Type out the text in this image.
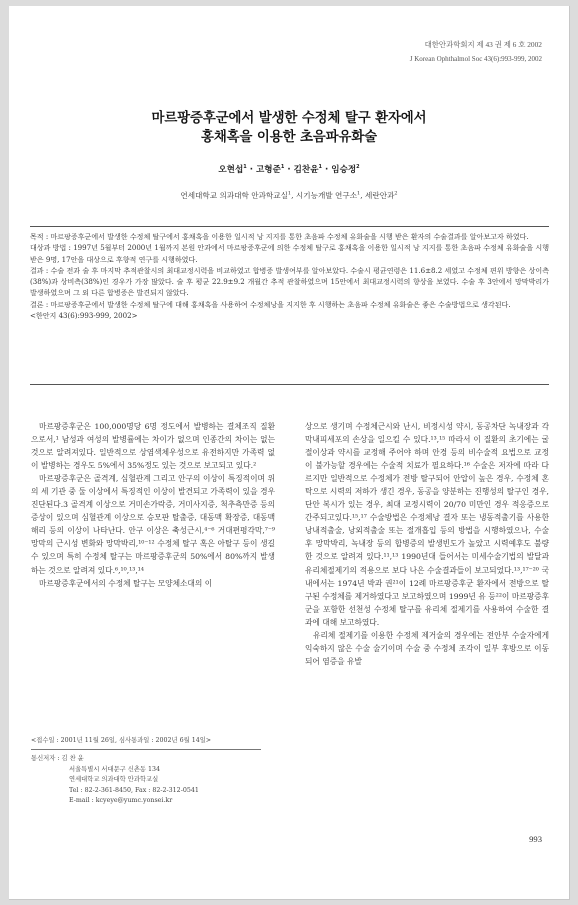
대한안과학회지 제 43 권 제 6 호 2002
J Korean Ophthalmol Soc 43(6):993-999, 2002
마르팡증후군에서 발생한 수정체 탈구 환자에서
홍채혹을 이용한 초음파유화술
오현섭$^1$ · 고형준$^1$ · 김찬윤$^1$ · 임승정$^2$
연세대학교 의과대학 안과학교실$^1$, 시기능개발 연구소$^1$, 세란안과$^2$

목적 : 마르팡증후군에서 발생한 수정체 탈구에서 홍채혹을 이용한 일시적 낭 지지를 통한 초음파 수정체 유화술을 시행 받은 환자의 수술결과를 알아보고자 하였다.

대상과 방법 : 1997년 5월부터 2000년 1월까지 본원 안과에서 마르팡증후군에 의한 수정체 탈구로 홍채혹을 이용한 일시적 낭 지지를 통한 초음파 수정체 유화술을 시행 받은 9명, 17안을 대상으로 후향적 연구를 시행하였다.

결과 : 수술 전과 술 후 마지막 추적관찰시의 최대교정시력을 비교하였고 합병증 발생여부를 알아보았다. 수술시 평균연령은 11.6±8.2 세였고 수정체 편위 방향은 상이측(38%)과 상비측(38%)인 경우가 가장 많았다. 술 후 평균 22.9±9.2 개월간 추적 관찰하였으며 15안에서 최대교정시력의 향상을 보였다. 수술 후 3안에서 망막박리가 발생하였으며 그 외 다른 합병증은 발견되지 않았다.

결론 : 마르팡증후군에서 발생한 수정체 탈구에 대해 홍채혹을 사용하여 수정체낭을 지지한 후 시행하는 초음파 수정체 유화술은 좋은 수술방법으로 생각된다.

<한안지 43(6):993-999, 2002>

마르팡증후군은 100,000명당 6명 정도에서 발병하는 결체조직 질환으로서,¹ 남성과 여성의 발병률에는 차이가 없으며 인종간의 차이는 없는 것으로 알려져있다. 일반적으로 상염색체우성으로 유전하지만 가족력 없이 발병하는 경우도 5%에서 35%정도 있는 것으로 보고되고 있다.²

마르팡증후군은 골격계, 심혈관계 그리고 안구의 이상이 특징적이며 위의 세 기관 중 둘 이상에서 특징적인 이상이 발견되고 가족력이 있을 경우 진단된다.3 골격계 이상으로 거미손가락증, 거미사지증, 척추측만증 등의 증상이 있으며 심혈관계 이상으로 승모판 탈출증, 대동맥 확장증, 대동맥 해리 등의 이상이 나타난다. 안구 이상은 축성근시,⁴⁻⁶ 거대편평각막,⁷⁻⁹ 망막의 근시성 변화와 망막박리,¹⁰⁻¹² 수정체 탈구 혹은 아탈구 등이 생길 수 있으며 특히 수정체 탈구는 마르팡증후군의 50%에서 80%까지 발생하는 것으로 알려져 있다.⁶,¹⁰,¹³,¹⁴

마르팡증후군에서의 수정체 탈구는 모양체소대의 이

상으로 생기며 수정체근시와 난시, 비정시성 약시, 동공차단 녹내장과 각막내피세포의 손상을 일으킬 수 있다.¹³,¹⁵ 따라서 이 질환의 초기에는 굴절이상과 약시를 교정해 주어야 하며 안경 등의 비수술적 요법으로 교정이 불가능할 경우에는 수술적 치료가 필요하다.¹⁶ 수술은 저자에 따라 다르지만 일반적으로 수정체가 전방 탈구되어 안압이 높은 경우, 수정체 혼탁으로 시력의 저하가 생긴 경우, 동공을 양분하는 진행성의 탈구인 경우, 단안 복시가 있는 경우, 최대 교정시력이 20/70 미만인 경우 적응증으로 간주되고있다.¹⁵,¹⁷ 수술방법은 수정체낭 결자 또는 냉동적출기를 사용한 낭내적출술, 낭외적출술 또는 절개흡입 등의 방법을 시행하였으나, 수술 후 망막박리, 녹내장 등의 합병증의 발생빈도가 높았고 시력예후도 불량한 것으로 알려져 있다.¹¹,¹³ 1990년대 들어서는 미세수술기법의 발달과 유리체절제기의 적용으로 보다 나은 수술결과들이 보고되었다.¹³,¹⁷⁻²⁰ 국내에서는 1974년 박과 권²¹이 12례 마르팡증후군 환자에서 전방으로 탈구된 수정체를 제거하였다고 보고하였으며 1999년 유 등²²이 마르팡증후군을 포함한 선천성 수정체 탈구를 유리체 절제기를 사용하여 수술한 결과에 대해 보고하였다.

유리체 절제기를 이용한 수정체 제거술의 경우에는 전안부 수술자에게 익숙하지 않은 수술 술기이며 수술 중 수정체 조각이 일부 후방으로 이동되어 염증을 유발

<접수일 : 2001년 11월 26일, 심사통과일 : 2002년 6월 14일>
통신저자 : 김 찬 윤
서울특별시 서대문구 신촌동 134
연세대학교 의과대학 안과학교실
Tel : 82-2-361-8450, Fax : 82-2-312-0541
E-mail : kcyeye@yumc.yonsei.kr
993
